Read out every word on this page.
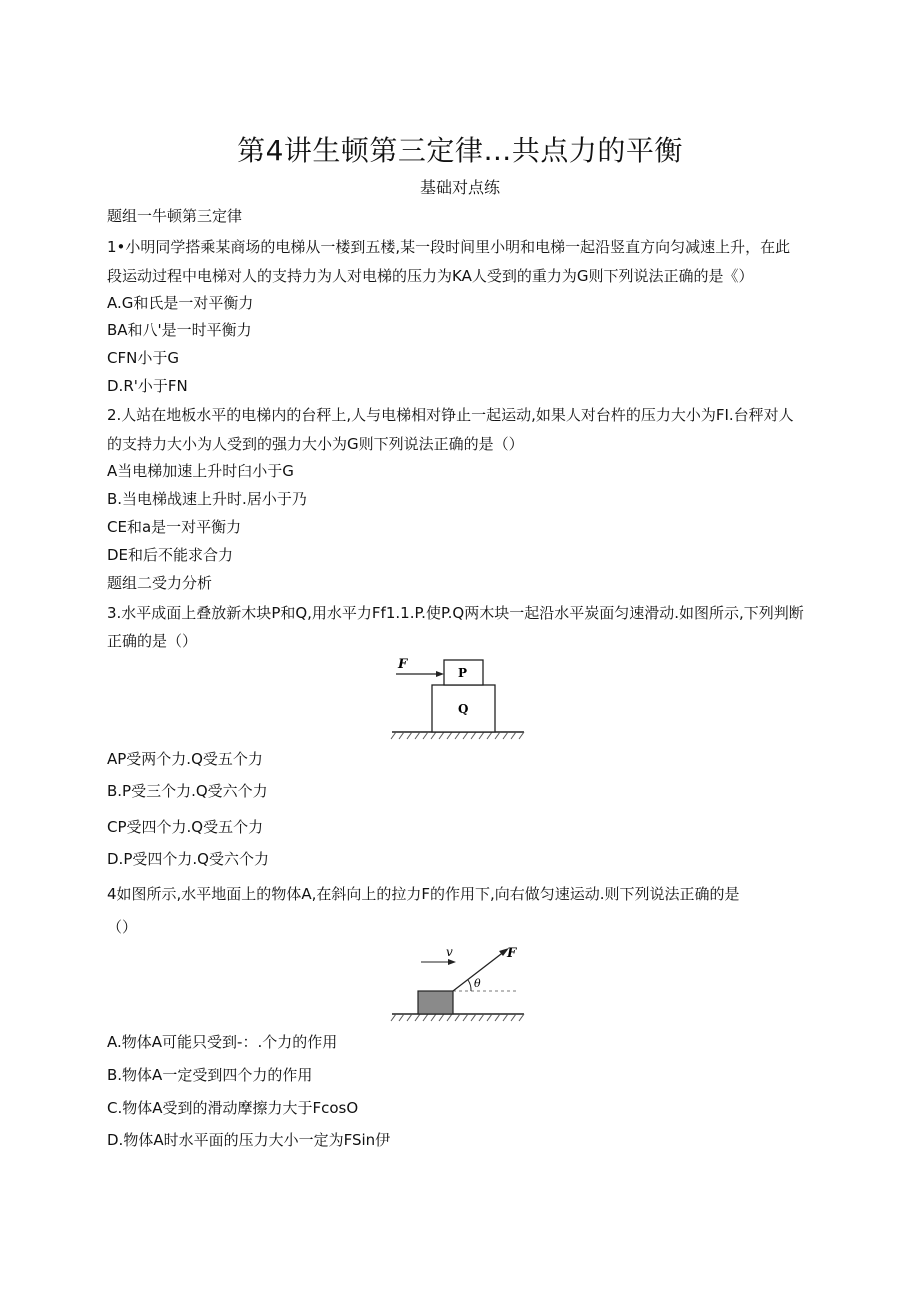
第4讲生顿第三定律…共点力的平衡
基础对点练
题组一牛顿第三定律
1•小明同学搭乘某商场的电梯从一楼到五楼,某一段时间里小明和电梯一起沿竖直方向匀减速上升，在此
段运动过程中电梯对人的支持力为人对电梯的压力为KA人受到的重力为G则下列说法正确的是《）
A.G和氏是一对平衡力
BA和八'是一时平衡力
CFN小于G
D.R'小于FN
2.人站在地板水平的电梯内的台秤上,人与电梯相对铮止一起运动,如果人对台杵的压力大小为FI.台秤对人
的支持力大小为人受到的强力大小为G则下列说法正确的是（）
A当电梯加速上升时臼小于G
B.当电梯战速上升时.居小于乃
CE和a是一对平衡力
DE和后不能求合力
题组二受力分析
3.水平成面上叠放新木块P和Q,用水平力Ff1.1.P.使P.Q两木块一起沿水平炭面匀速滑动.如图所示,下列判断
正确的是（）
F
P
Q
AP受两个力.Q受五个力
B.P受三个力.Q受六个力
CP受四个力.Q受五个力
D.P受四个力.Q受六个力
4如图所示,水平地面上的物体A,在斜向上的拉力F的作用下,向右做匀速运动.则下列说法正确的是
（）
v	F
θ
A.物体A可能只受到-：.个力的作用
B.物体A一定受到四个力的作用
C.物体A受到的滑动摩擦力大于FcosO
D.物体A时水平面的压力大小一定为FSin伊
